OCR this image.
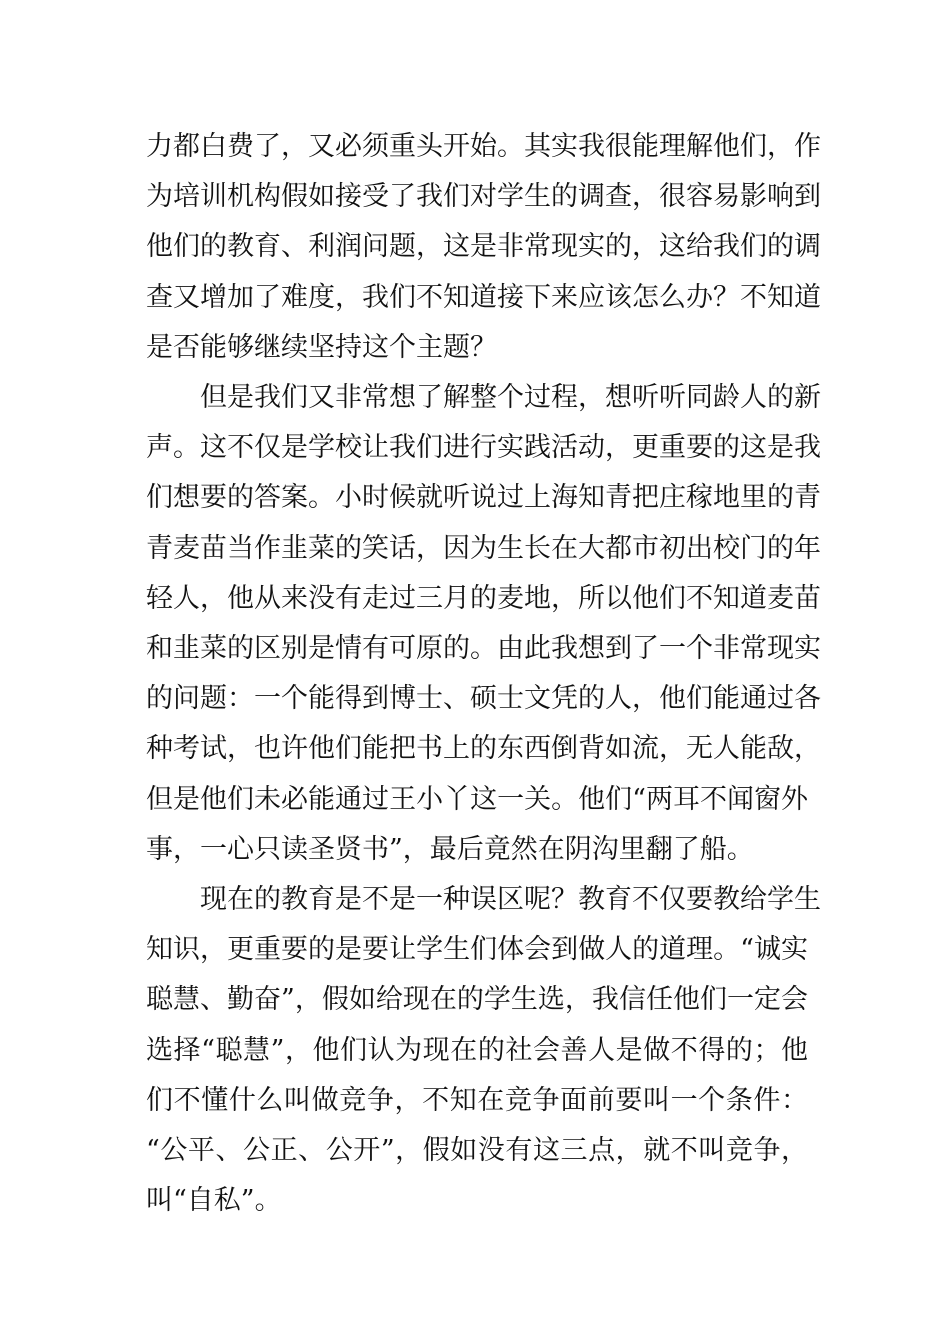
力都白费了，又必须重头开始。其实我很能理解他们，作
为培训机构假如接受了我们对学生的调查，很容易影响到
他们的教育、利润问题，这是非常现实的，这给我们的调
查又增加了难度，我们不知道接下来应该怎么办？不知道
是否能够继续坚持这个主题？

但是我们又非常想了解整个过程，想听听同龄人的新
声。这不仅是学校让我们进行实践活动，更重要的这是我
们想要的答案。小时候就听说过上海知青把庄稼地里的青
青麦苗当作韭菜的笑话，因为生长在大都市初出校门的年
轻人，他从来没有走过三月的麦地，所以他们不知道麦苗
和韭菜的区别是情有可原的。由此我想到了一个非常现实
的问题：一个能得到博士、硕士文凭的人，他们能通过各
种考试，也许他们能把书上的东西倒背如流，无人能敌，
但是他们未必能通过王小丫这一关。他们“两耳不闻窗外
事，一心只读圣贤书”，最后竟然在阴沟里翻了船。

现在的教育是不是一种误区呢？教育不仅要教给学生
知识，更重要的是要让学生们体会到做人的道理。“诚实
聪慧、勤奋”，假如给现在的学生选，我信任他们一定会
选择“聪慧”，他们认为现在的社会善人是做不得的；他
们不懂什么叫做竞争，不知在竞争面前要叫一个条件：
“公平、公正、公开”，假如没有这三点，就不叫竞争，
叫“自私”。
